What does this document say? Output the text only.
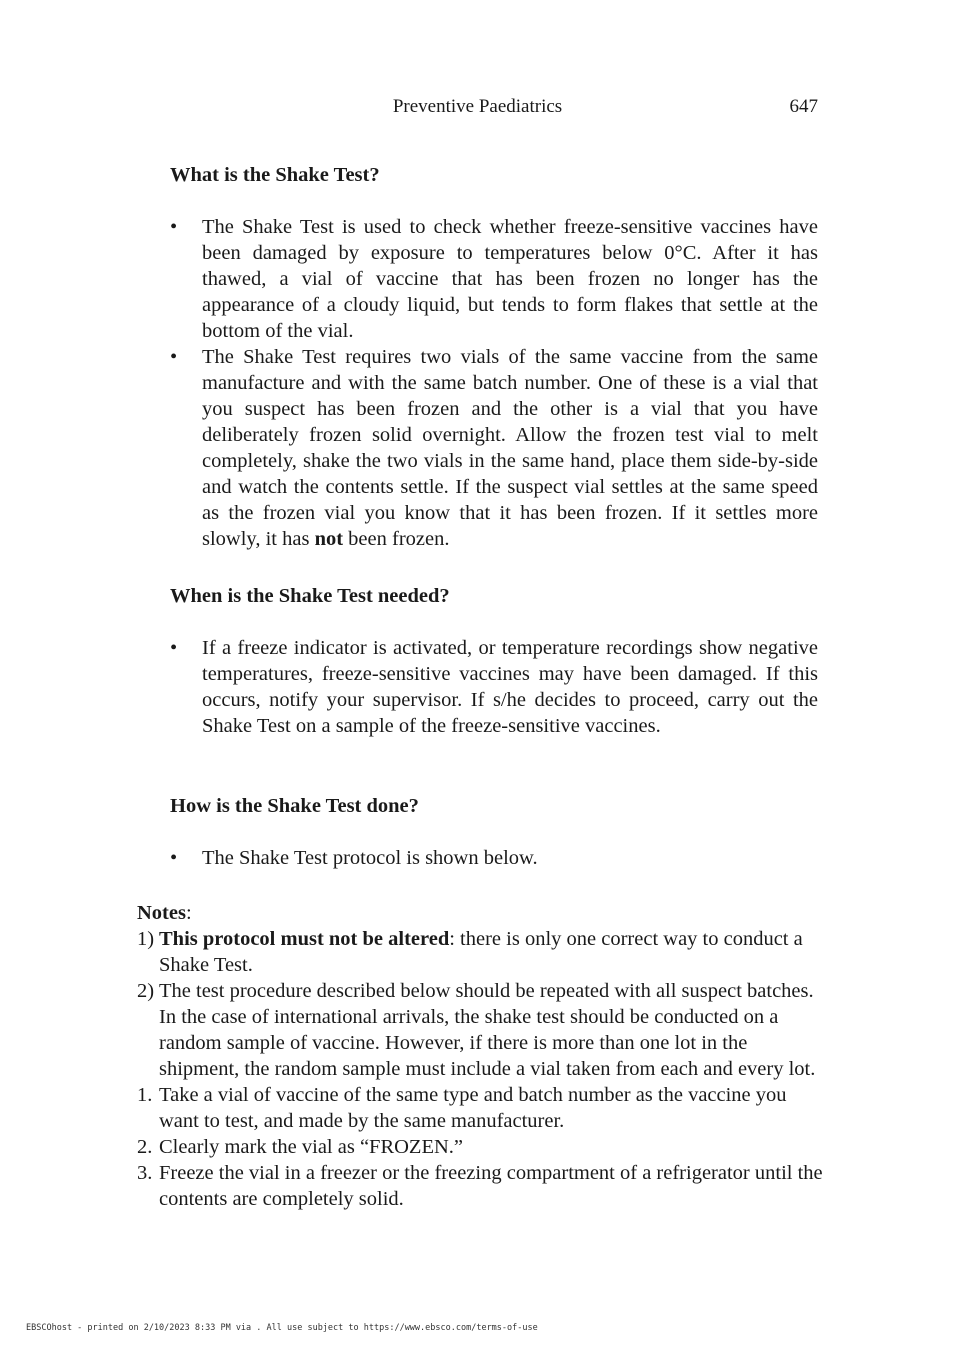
Preventive Paediatrics	647
What is the Shake Test?
• The Shake Test is used to check whether freeze-sensitive vaccines have been damaged by exposure to temperatures below 0°C. After it has thawed, a vial of vaccine that has been frozen no longer has the appearance of a cloudy liquid, but tends to form flakes that settle at the bottom of the vial.
• The Shake Test requires two vials of the same vaccine from the same manufacture and with the same batch number. One of these is a vial that you suspect has been frozen and the other is a vial that you have deliberately frozen solid overnight. Allow the frozen test vial to melt completely, shake the two vials in the same hand, place them side-by-side and watch the contents settle. If the suspect vial settles at the same speed as the frozen vial you know that it has been frozen. If it settles more slowly, it has not been frozen.
When is the Shake Test needed?
• If a freeze indicator is activated, or temperature recordings show negative temperatures, freeze-sensitive vaccines may have been damaged. If this occurs, notify your supervisor. If s/he decides to proceed, carry out the Shake Test on a sample of the freeze-sensitive vaccines.
How is the Shake Test done?
• The Shake Test protocol is shown below.

Notes:

1) This protocol must not be altered: there is only one correct way to conduct a Shake Test.
2) The test procedure described below should be repeated with all suspect batches. In the case of international arrivals, the shake test should be conducted on a random sample of vaccine. However, if there is more than one lot in the shipment, the random sample must include a vial taken from each and every lot.
1. Take a vial of vaccine of the same type and batch number as the vaccine you want to test, and made by the same manufacturer.
2. Clearly mark the vial as “FROZEN.”
3. Freeze the vial in a freezer or the freezing compartment of a refrigerator until the contents are completely solid.
EBSCOhost - printed on 2/10/2023 8:33 PM via . All use subject to https://www.ebsco.com/terms-of-use
